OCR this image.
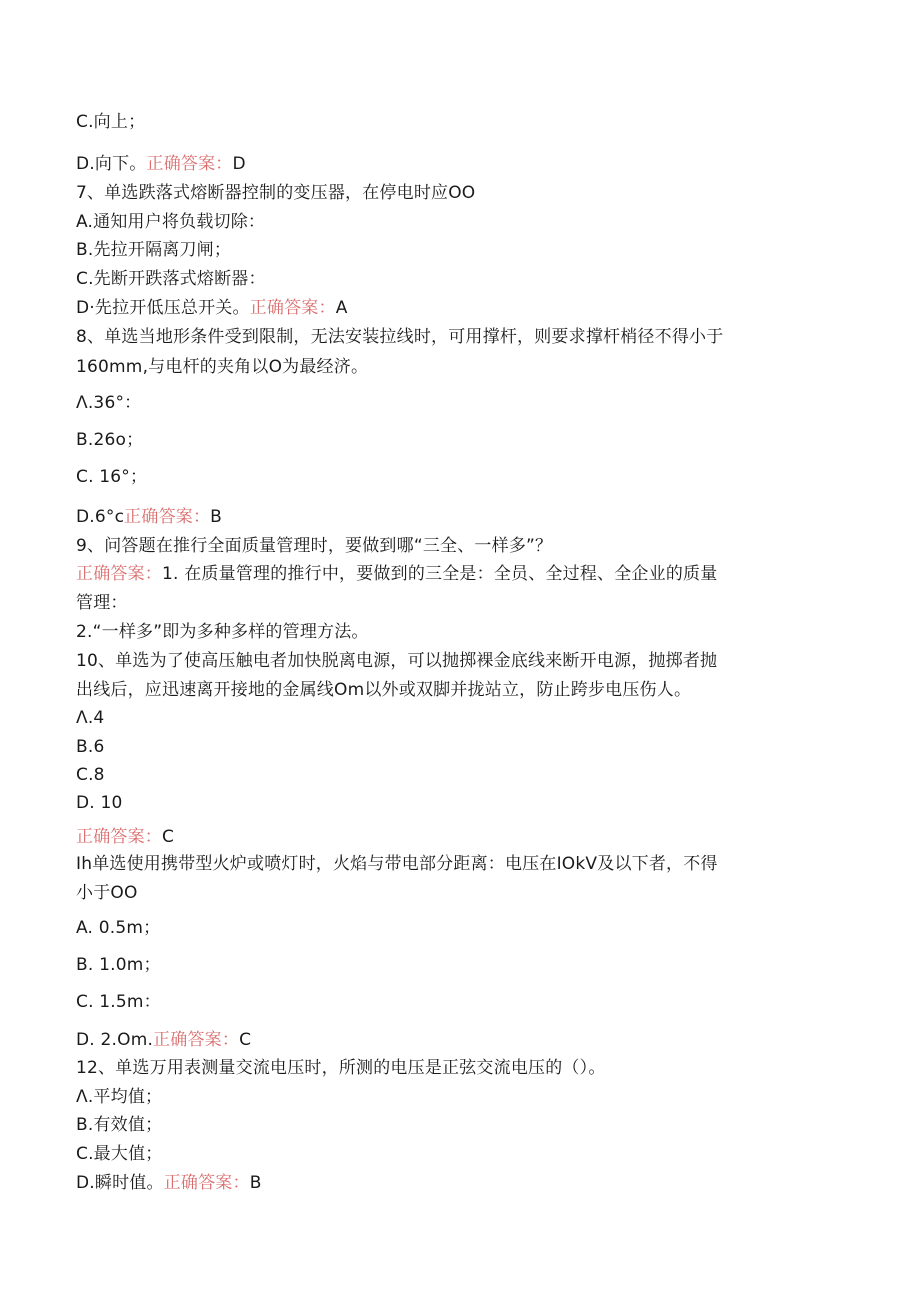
C.向上；
D.向下。正确答案：D
7、单选跌落式熔断器控制的变压器，在停电时应OO
A.通知用户将负载切除：
B.先拉开隔离刀闸；
C.先断开跌落式熔断器：
D·先拉开低压总开关。正确答案：A
8、单选当地形条件受到限制，无法安装拉线时，可用撑杆，则要求撑杆梢径不得小于
160mm,与电杆的夹角以O为最经济。
Λ.36°：
B.26o；
C. 16°；
D.6°c正确答案：B
9、问答题在推行全面质量管理时，要做到哪“三全、一样多”？
正确答案：1. 在质量管理的推行中，要做到的三全是：全员、全过程、全企业的质量
管理：
2.“一样多”即为多种多样的管理方法。
10、单选为了使高压触电者加快脱离电源，可以抛掷裸金底线来断开电源，抛掷者抛
出线后，应迅速离开接地的金属线Om以外或双脚并拢站立，防止跨步电压伤人。
Λ.4
B.6
C.8
D. 10
正确答案：C
Ih单选使用携带型火炉或喷灯时，火焰与带电部分距离：电压在IOkV及以下者，不得
小于OO
A. 0.5m；
B. 1.0m；
C. 1.5m：
D. 2.Om.正确答案：C
12、单选万用表测量交流电压时，所测的电压是正弦交流电压的（）。
Λ.平均值；
B.有效值；
C.最大值；
D.瞬时值。正确答案：B
